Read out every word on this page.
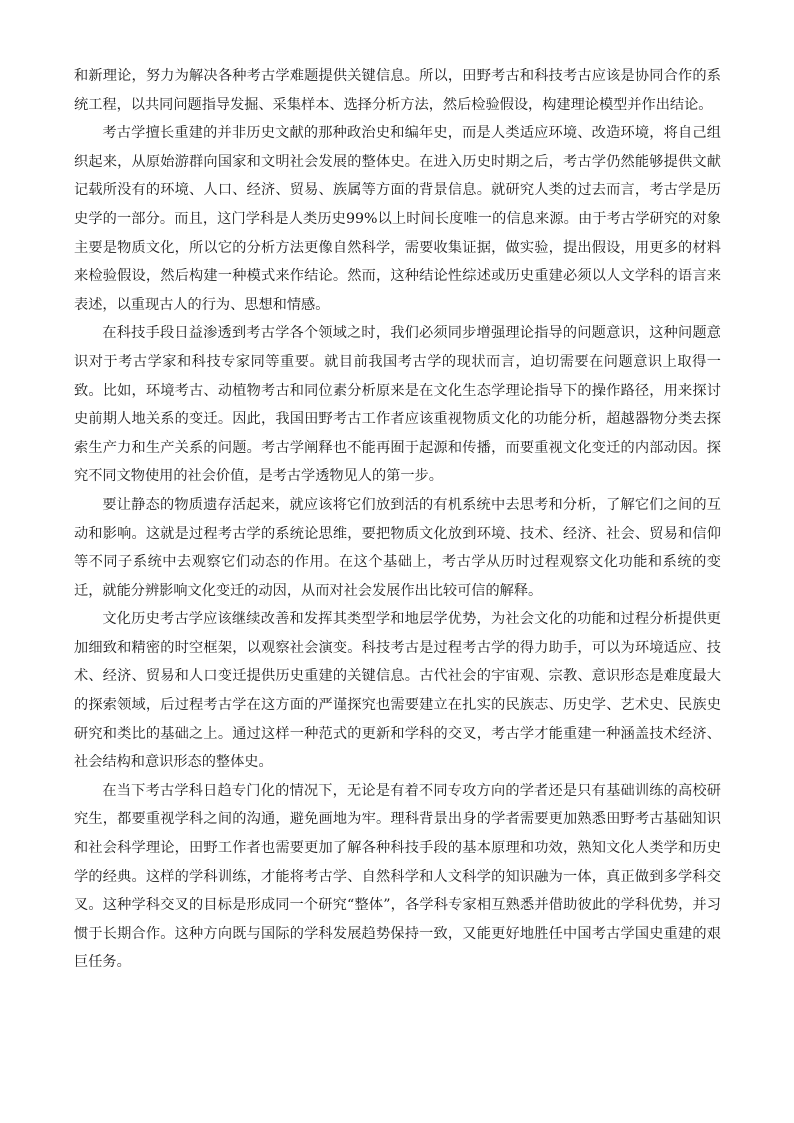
和新理论，努力为解决各种考古学难题提供关键信息。所以，田野考古和科技考古应该是协同合作的系统工程，以共同问题指导发掘、采集样本、选择分析方法，然后检验假设，构建理论模型并作出结论。

考古学擅长重建的并非历史文献的那种政治史和编年史，而是人类适应环境、改造环境，将自己组织起来，从原始游群向国家和文明社会发展的整体史。在进入历史时期之后，考古学仍然能够提供文献记载所没有的环境、人口、经济、贸易、族属等方面的背景信息。就研究人类的过去而言，考古学是历史学的一部分。而且，这门学科是人类历史99%以上时间长度唯一的信息来源。由于考古学研究的对象主要是物质文化，所以它的分析方法更像自然科学，需要收集证据，做实验，提出假设，用更多的材料来检验假设，然后构建一种模式来作结论。然而，这种结论性综述或历史重建必须以人文学科的语言来表述，以重现古人的行为、思想和情感。

在科技手段日益渗透到考古学各个领域之时，我们必须同步增强理论指导的问题意识，这种问题意识对于考古学家和科技专家同等重要。就目前我国考古学的现状而言，迫切需要在问题意识上取得一致。比如，环境考古、动植物考古和同位素分析原来是在文化生态学理论指导下的操作路径，用来探讨史前期人地关系的变迁。因此，我国田野考古工作者应该重视物质文化的功能分析，超越器物分类去探索生产力和生产关系的问题。考古学阐释也不能再囿于起源和传播，而要重视文化变迁的内部动因。探究不同文物使用的社会价值，是考古学透物见人的第一步。

要让静态的物质遗存活起来，就应该将它们放到活的有机系统中去思考和分析，了解它们之间的互动和影响。这就是过程考古学的系统论思维，要把物质文化放到环境、技术、经济、社会、贸易和信仰等不同子系统中去观察它们动态的作用。在这个基础上，考古学从历时过程观察文化功能和系统的变迁，就能分辨影响文化变迁的动因，从而对社会发展作出比较可信的解释。

文化历史考古学应该继续改善和发挥其类型学和地层学优势，为社会文化的功能和过程分析提供更加细致和精密的时空框架，以观察社会演变。科技考古是过程考古学的得力助手，可以为环境适应、技术、经济、贸易和人口变迁提供历史重建的关键信息。古代社会的宇宙观、宗教、意识形态是难度最大的探索领域，后过程考古学在这方面的严谨探究也需要建立在扎实的民族志、历史学、艺术史、民族史研究和类比的基础之上。通过这样一种范式的更新和学科的交叉，考古学才能重建一种涵盖技术经济、社会结构和意识形态的整体史。

在当下考古学科日趋专门化的情况下，无论是有着不同专攻方向的学者还是只有基础训练的高校研究生，都要重视学科之间的沟通，避免画地为牢。理科背景出身的学者需要更加熟悉田野考古基础知识和社会科学理论，田野工作者也需要更加了解各种科技手段的基本原理和功效，熟知文化人类学和历史学的经典。这样的学科训练，才能将考古学、自然科学和人文科学的知识融为一体，真正做到多学科交叉。这种学科交叉的目标是形成同一个研究“整体”，各学科专家相互熟悉并借助彼此的学科优势，并习惯于长期合作。这种方向既与国际的学科发展趋势保持一致，又能更好地胜任中国考古学国史重建的艰巨任务。
